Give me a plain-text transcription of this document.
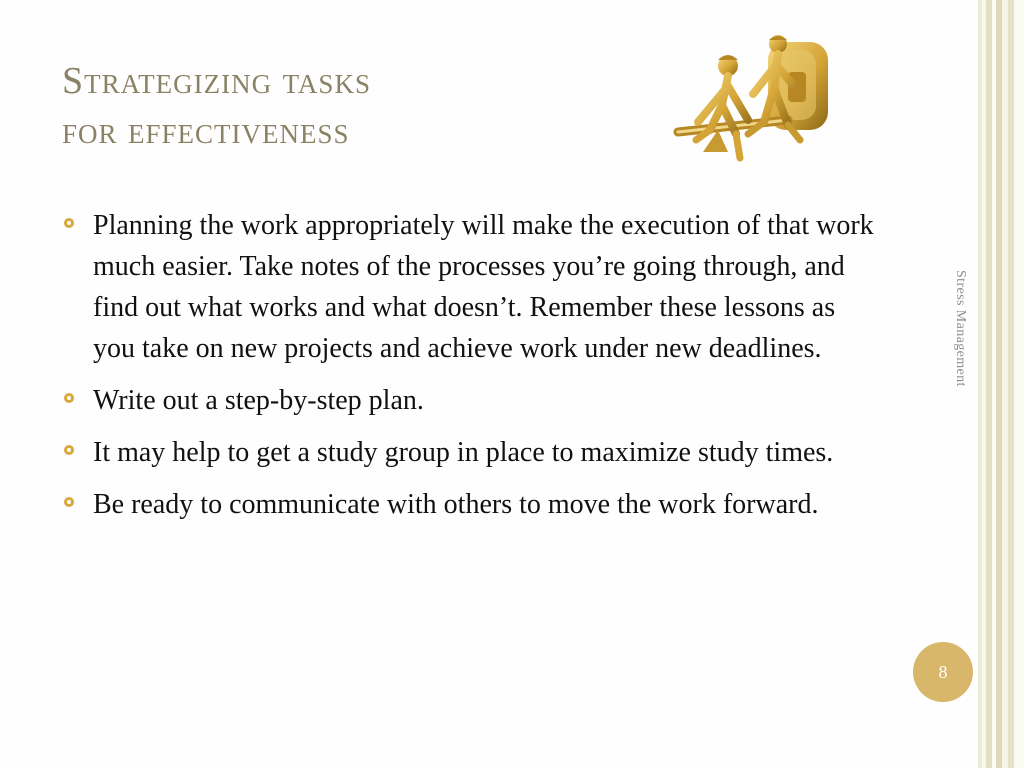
Strategizing tasks
for effectiveness
Planning the work appropriately will make the execution of that work much easier. Take notes of the processes you’re going through, and find out what works and what doesn’t. Remember these lessons as you take on new projects and achieve work under new deadlines.
Write out a step-by-step plan.
It may help to get a study group in place to maximize study times.
Be ready to communicate with others to move the work forward.
Stress Management
8
